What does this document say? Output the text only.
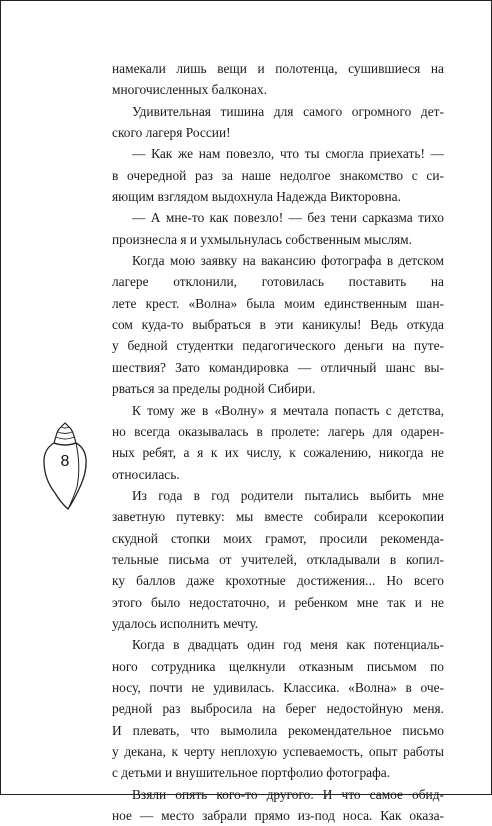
8

намекали лишь вещи и полотенца, сушившиеся на

многочисленных балконах.

Удивительная тишина для самого огромного дет-

ского лагеря России!

— Как же нам повезло, что ты смогла приехать! —

в очередной раз за наше недолгое знакомство с си-

яющим взглядом выдохнула Надежда Викторовна.

— А мне-то как повезло! — без тени сарказма тихо

произнесла я и ухмыльнулась собственным мыслям.

Когда мою заявку на вакансию фотографа в детском

лагере отклонили, готовилась поставить на

лете крест. «Волна» была моим единственным шан-

сом куда-то выбраться в эти каникулы! Ведь откуда

у бедной студентки педагогического деньги на путе-

шествия? Зато командировка — отличный шанс вы-

рваться за пределы родной Сибири.

К тому же в «Волну» я мечтала попасть с детства,

но всегда оказывалась в пролете: лагерь для одарен-

ных ребят, а я к их числу, к сожалению, никогда не

относилась.

Из года в год родители пытались выбить мне

заветную путевку: мы вместе собирали ксерокопии

скудной стопки моих грамот, просили рекоменда-

тельные письма от учителей, откладывали в копил-

ку баллов даже крохотные достижения... Но всего

этого было недостаточно, и ребенком мне так и не

удалось исполнить мечту.

Когда в двадцать один год меня как потенциаль-

ного сотрудника щелкнули отказным письмом по

носу, почти не удивилась. Классика. «Волна» в оче-

редной раз выбросила на берег недостойную меня.

И плевать, что вымолила рекомендательное письмо

у декана, к черту неплохую успеваемость, опыт работы

с детьми и внушительное портфолио фотографа.

Взяли опять кого-то другого. И что самое обид-

ное — место забрали прямо из-под носа. Как оказа-
